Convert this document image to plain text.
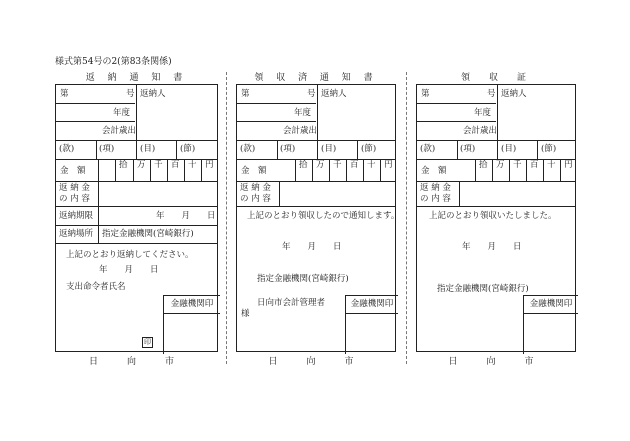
様式第54号の2(第83条関係)
返 納 通 知 書
第	号 返納人
年度
会計歳出
(款)	(項)	(目)	(節)
金　額
拾 万 千 百 十 円
返 納 金
の 内 容
返納期限	年　　月　　日
返納場所 指定金融機関(宮崎銀行)
上記のとおり返納してください。
年　　月　　日
支出命令者氏名
印
金融機関印
日　向　市
領 収 済 通 知 書
第	号 返納人
年度
会計歳出
(款)	(項)	(目)	(節)
金　額
拾 万 千 百 十 円
返 納 金
の 内 容
上記のとおり領収したので通知します。
年　　月　　日
指定金融機関(宮崎銀行)
日向市会計管理者
様
金融機関印
日　向　市
領　収　証
第	号 返納人
年度
会計歳出
(款)	(項)	(目)	(節)
金　額
拾 万 千 百 十 円
返 納 金
の 内 容
上記のとおり領収いたしました。
年　　月　　日
指定金融機関(宮崎銀行)
金融機関印
日　向　市
